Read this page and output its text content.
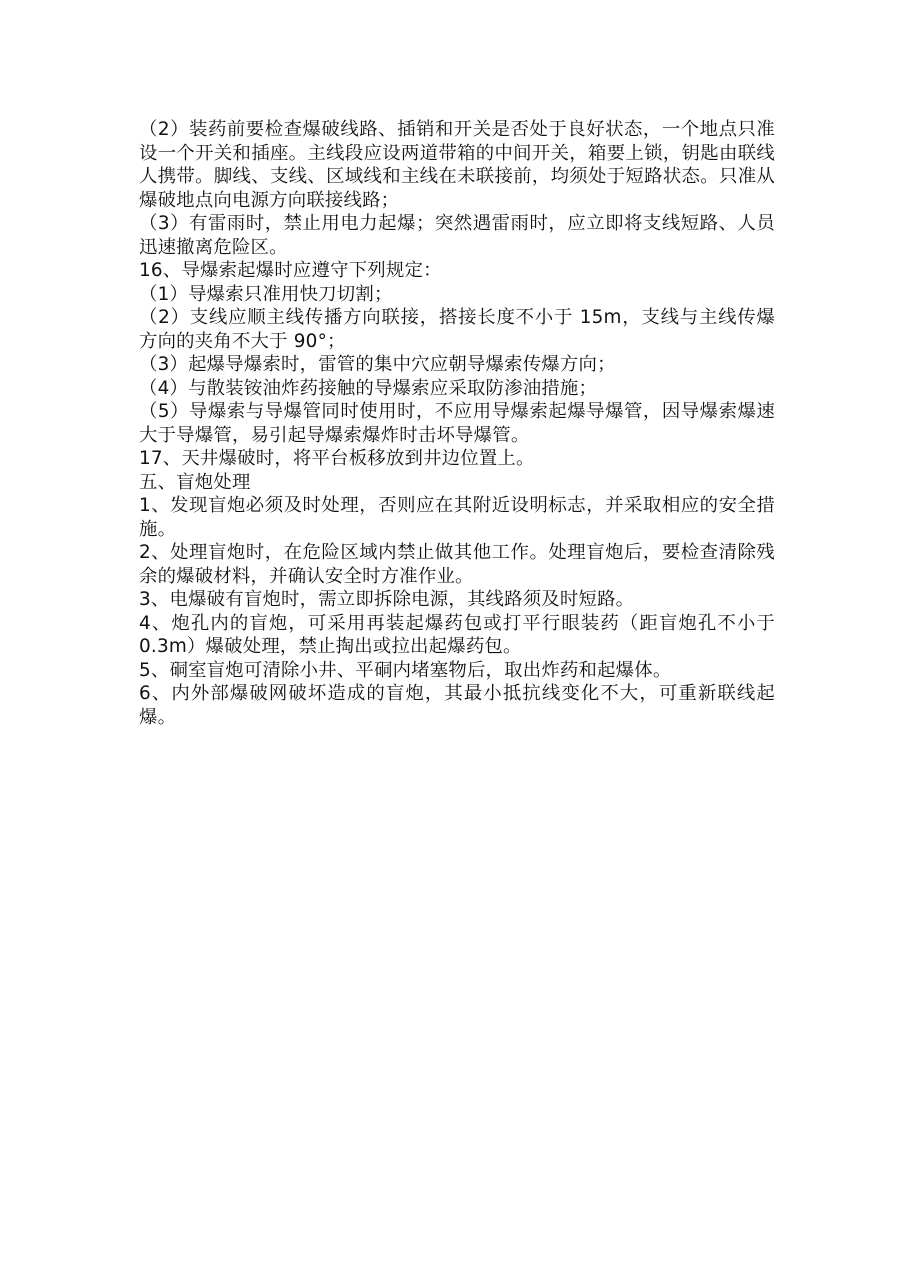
（2）装药前要检查爆破线路、插销和开关是否处于良好状态，一个地点只准设一个开关和插座。主线段应设两道带箱的中间开关，箱要上锁，钥匙由联线人携带。脚线、支线、区域线和主线在未联接前，均须处于短路状态。只准从爆破地点向电源方向联接线路；

（3）有雷雨时，禁止用电力起爆；突然遇雷雨时，应立即将支线短路、人员迅速撤离危险区。

16、导爆索起爆时应遵守下列规定：

（1）导爆索只准用快刀切割；

（2）支线应顺主线传播方向联接，搭接长度不小于 15m，支线与主线传爆方向的夹角不大于 90°；

（3）起爆导爆索时，雷管的集中穴应朝导爆索传爆方向；

（4）与散装铵油炸药接触的导爆索应采取防渗油措施；

（5）导爆索与导爆管同时使用时，不应用导爆索起爆导爆管，因导爆索爆速大于导爆管，易引起导爆索爆炸时击坏导爆管。

17、天井爆破时，将平台板移放到井边位置上。

五、盲炮处理

1、发现盲炮必须及时处理，否则应在其附近设明标志，并采取相应的安全措施。

2、处理盲炮时，在危险区域内禁止做其他工作。处理盲炮后，要检查清除残余的爆破材料，并确认安全时方准作业。

3、电爆破有盲炮时，需立即拆除电源，其线路须及时短路。

4、炮孔内的盲炮，可采用再装起爆药包或打平行眼装药（距盲炮孔不小于 0.3m）爆破处理，禁止掏出或拉出起爆药包。

5、硐室盲炮可清除小井、平硐内堵塞物后，取出炸药和起爆体。

6、内外部爆破网破坏造成的盲炮，其最小抵抗线变化不大，可重新联线起爆。
